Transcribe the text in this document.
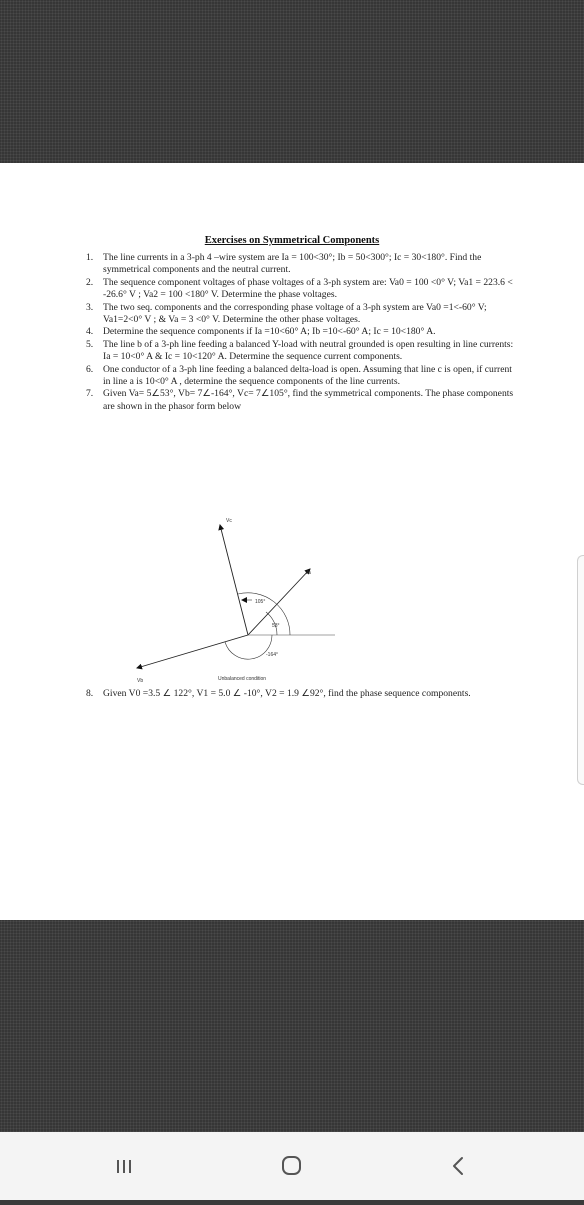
Exercises on Symmetrical Components
1. The line currents in a 3-ph 4 –wire system are Ia = 100<30°; Ib = 50<300°; Ic = 30<180°. Find the symmetrical components and the neutral current.
2. The sequence component voltages of phase voltages of a 3-ph system are: Va0 = 100 <0° V; Va1 = 223.6 < -26.6° V ; Va2 = 100 <180° V. Determine the phase voltages.
3. The two seq. components and the corresponding phase voltage of a 3-ph system are Va0 =1<-60° V; Va1=2<0° V ; & Va = 3 <0° V. Determine the other phase voltages.
4. Determine the sequence components if Ia =10<60° A; Ib =10<-60° A; Ic = 10<180° A.
5. The line b of a 3-ph line feeding a balanced Y-load with neutral grounded is open resulting in line currents: Ia = 10<0° A & Ic = 10<120° A. Determine the sequence current components.
6. One conductor of a 3-ph line feeding a balanced delta-load is open. Assuming that line c is open, if current in line a is 10<0° A , determine the sequence components of the line currents.
7. Given Va= 5∠53°, Vb= 7∠-164°, Vc= 7∠105°, find the symmetrical components. The phase components are shown in the phasor form below
Vc
Va
Vb
105°
53°
-164°
Unbalanced condition
8. Given V0 =3.5 ∠ 122°, V1 = 5.0 ∠ -10°, V2 = 1.9 ∠92°, find the phase sequence components.
